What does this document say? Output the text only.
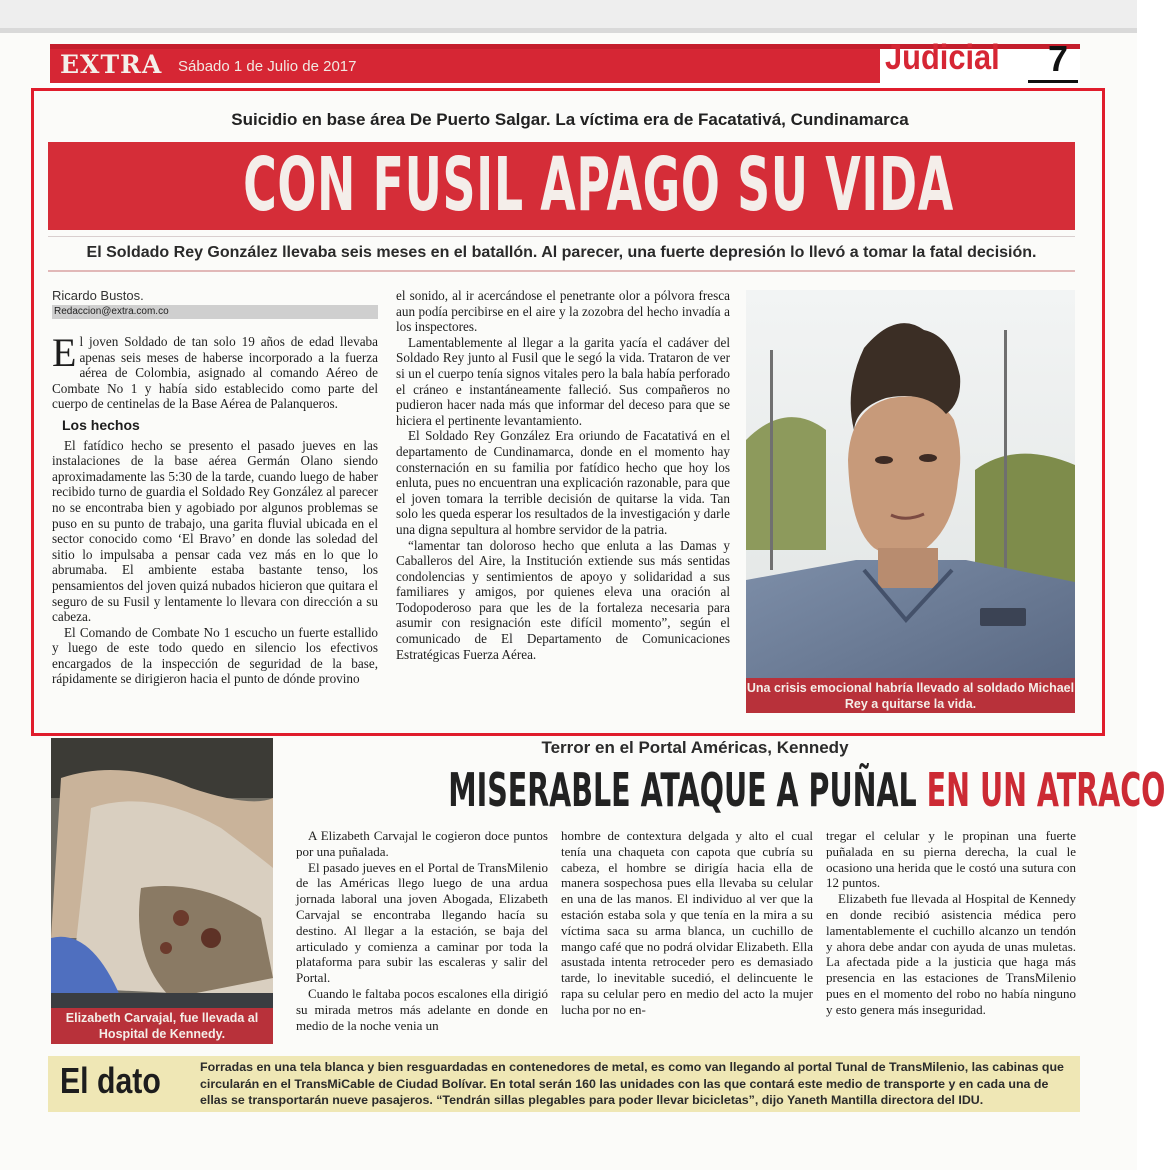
EXTRA Sábado 1 de Julio de 2017	Judicial 7
Suicidio en base área De Puerto Salgar. La víctima era de Facatativá, Cundinamarca
CON FUSIL APAGO SU VIDA
El Soldado Rey González llevaba seis meses en el batallón. Al parecer, una fuerte depresión lo llevó a tomar la fatal decisión.
Ricardo Bustos.
Redaccion@extra.com.co

El joven Soldado de tan solo 19 años de edad llevaba apenas seis meses de haberse incorporado a la fuerza aérea de Colombia, asignado al comando Aéreo de Combate No 1 y había sido establecido como parte del cuerpo de centinelas de la Base Aérea de Palanqueros.

Los hechos

El fatídico hecho se presento el pasado jueves en las instalaciones de la base aérea Germán Olano siendo aproximadamente las 5:30 de la tarde, cuando luego de haber recibido turno de guardia el Soldado Rey González al parecer no se encontraba bien y agobiado por algunos problemas se puso en su punto de trabajo, una garita fluvial ubicada en el sector conocido como ‘El Bravo’ en donde las soledad del sitio lo impulsaba a pensar cada vez más en lo que lo abrumaba. El ambiente estaba bastante tenso, los pensamientos del joven quizá nubados hicieron que quitara el seguro de su Fusil y lentamente lo llevara con dirección a su cabeza.

El Comando de Combate No 1 escucho un fuerte estallido y luego de este todo quedo en silencio los efectivos encargados de la inspección de seguridad de la base, rápidamente se dirigieron hacia el punto de dónde provino

el sonido, al ir acercándose el penetrante olor a pólvora fresca aun podía percibirse en el aire y la zozobra del hecho invadía a los inspectores.

Lamentablemente al llegar a la garita yacía el cadáver del Soldado Rey junto al Fusil que le segó la vida. Trataron de ver si un el cuerpo tenía signos vitales pero la bala había perforado el cráneo e instantáneamente falleció. Sus compañeros no pudieron hacer nada más que informar del deceso para que se hiciera el pertinente levantamiento.

El Soldado Rey González Era oriundo de Facatativá en el departamento de Cundinamarca, donde en el momento hay consternación en su familia por fatídico hecho que hoy los enluta, pues no encuentran una explicación razonable, para que el joven tomara la terrible decisión de quitarse la vida. Tan solo les queda esperar los resultados de la investigación y darle una digna sepultura al hombre servidor de la patria.

“lamentar tan doloroso hecho que enluta a las Damas y Caballeros del Aire, la Institución extiende sus más sentidas condolencias y sentimientos de apoyo y solidaridad a sus familiares y amigos, por quienes eleva una oración al Todopoderoso para que les de la fortaleza necesaria para asumir con resignación este difícil momento”, según el comunicado de El Departamento de Comunicaciones Estratégicas Fuerza Aérea.

Una crisis emocional habría llevado al soldado Michael Rey a quitarse la vida.
Elizabeth Carvajal, fue llevada al Hospital de Kennedy.
Terror en el Portal Américas, Kennedy
MISERABLE ATAQUE A PUÑAL EN UN ATRACO

A Elizabeth Carvajal le cogieron doce puntos por una puñalada.

El pasado jueves en el Portal de TransMilenio de las Américas llego luego de una ardua jornada laboral una joven Abogada, Elizabeth Carvajal se encontraba llegando hacía su destino. Al llegar a la estación, se baja del articulado y comienza a caminar por toda la plataforma para subir las escaleras y salir del Portal.

Cuando le faltaba pocos escalones ella dirigió su mirada metros más adelante en donde en medio de la noche venia un

hombre de contextura delgada y alto el cual tenía una chaqueta con capota que cubría su cabeza, el hombre se dirigía hacia ella de manera sospechosa pues ella llevaba su celular en una de las manos. El individuo al ver que la estación estaba sola y que tenía en la mira a su víctima saca su arma blanca, un cuchillo de mango café que no podrá olvidar Elizabeth. Ella asustada intenta retroceder pero es demasiado tarde, lo inevitable sucedió, el delincuente le rapa su celular pero en medio del acto la mujer lucha por no en-

tregar el celular y le propinan una fuerte puñalada en su pierna derecha, la cual le ocasiono una herida que le costó una sutura con 12 puntos.

Elizabeth fue llevada al Hospital de Kennedy en donde recibió asistencia médica pero lamentablemente el cuchillo alcanzo un tendón y ahora debe andar con ayuda de unas muletas. La afectada pide a la justicia que haga más presencia en las estaciones de TransMilenio pues en el momento del robo no había ninguno y esto genera más inseguridad.

El dato	Forradas en una tela blanca y bien resguardadas en contenedores de metal, es como van llegando al portal Tunal de TransMilenio, las cabinas que circularán en el TransMiCable de Ciudad Bolívar. En total serán 160 las unidades con las que contará este medio de transporte y en cada una de ellas se transportarán nueve pasajeros. “Tendrán sillas plegables para poder llevar bicicletas”, dijo Yaneth Mantilla directora del IDU.
